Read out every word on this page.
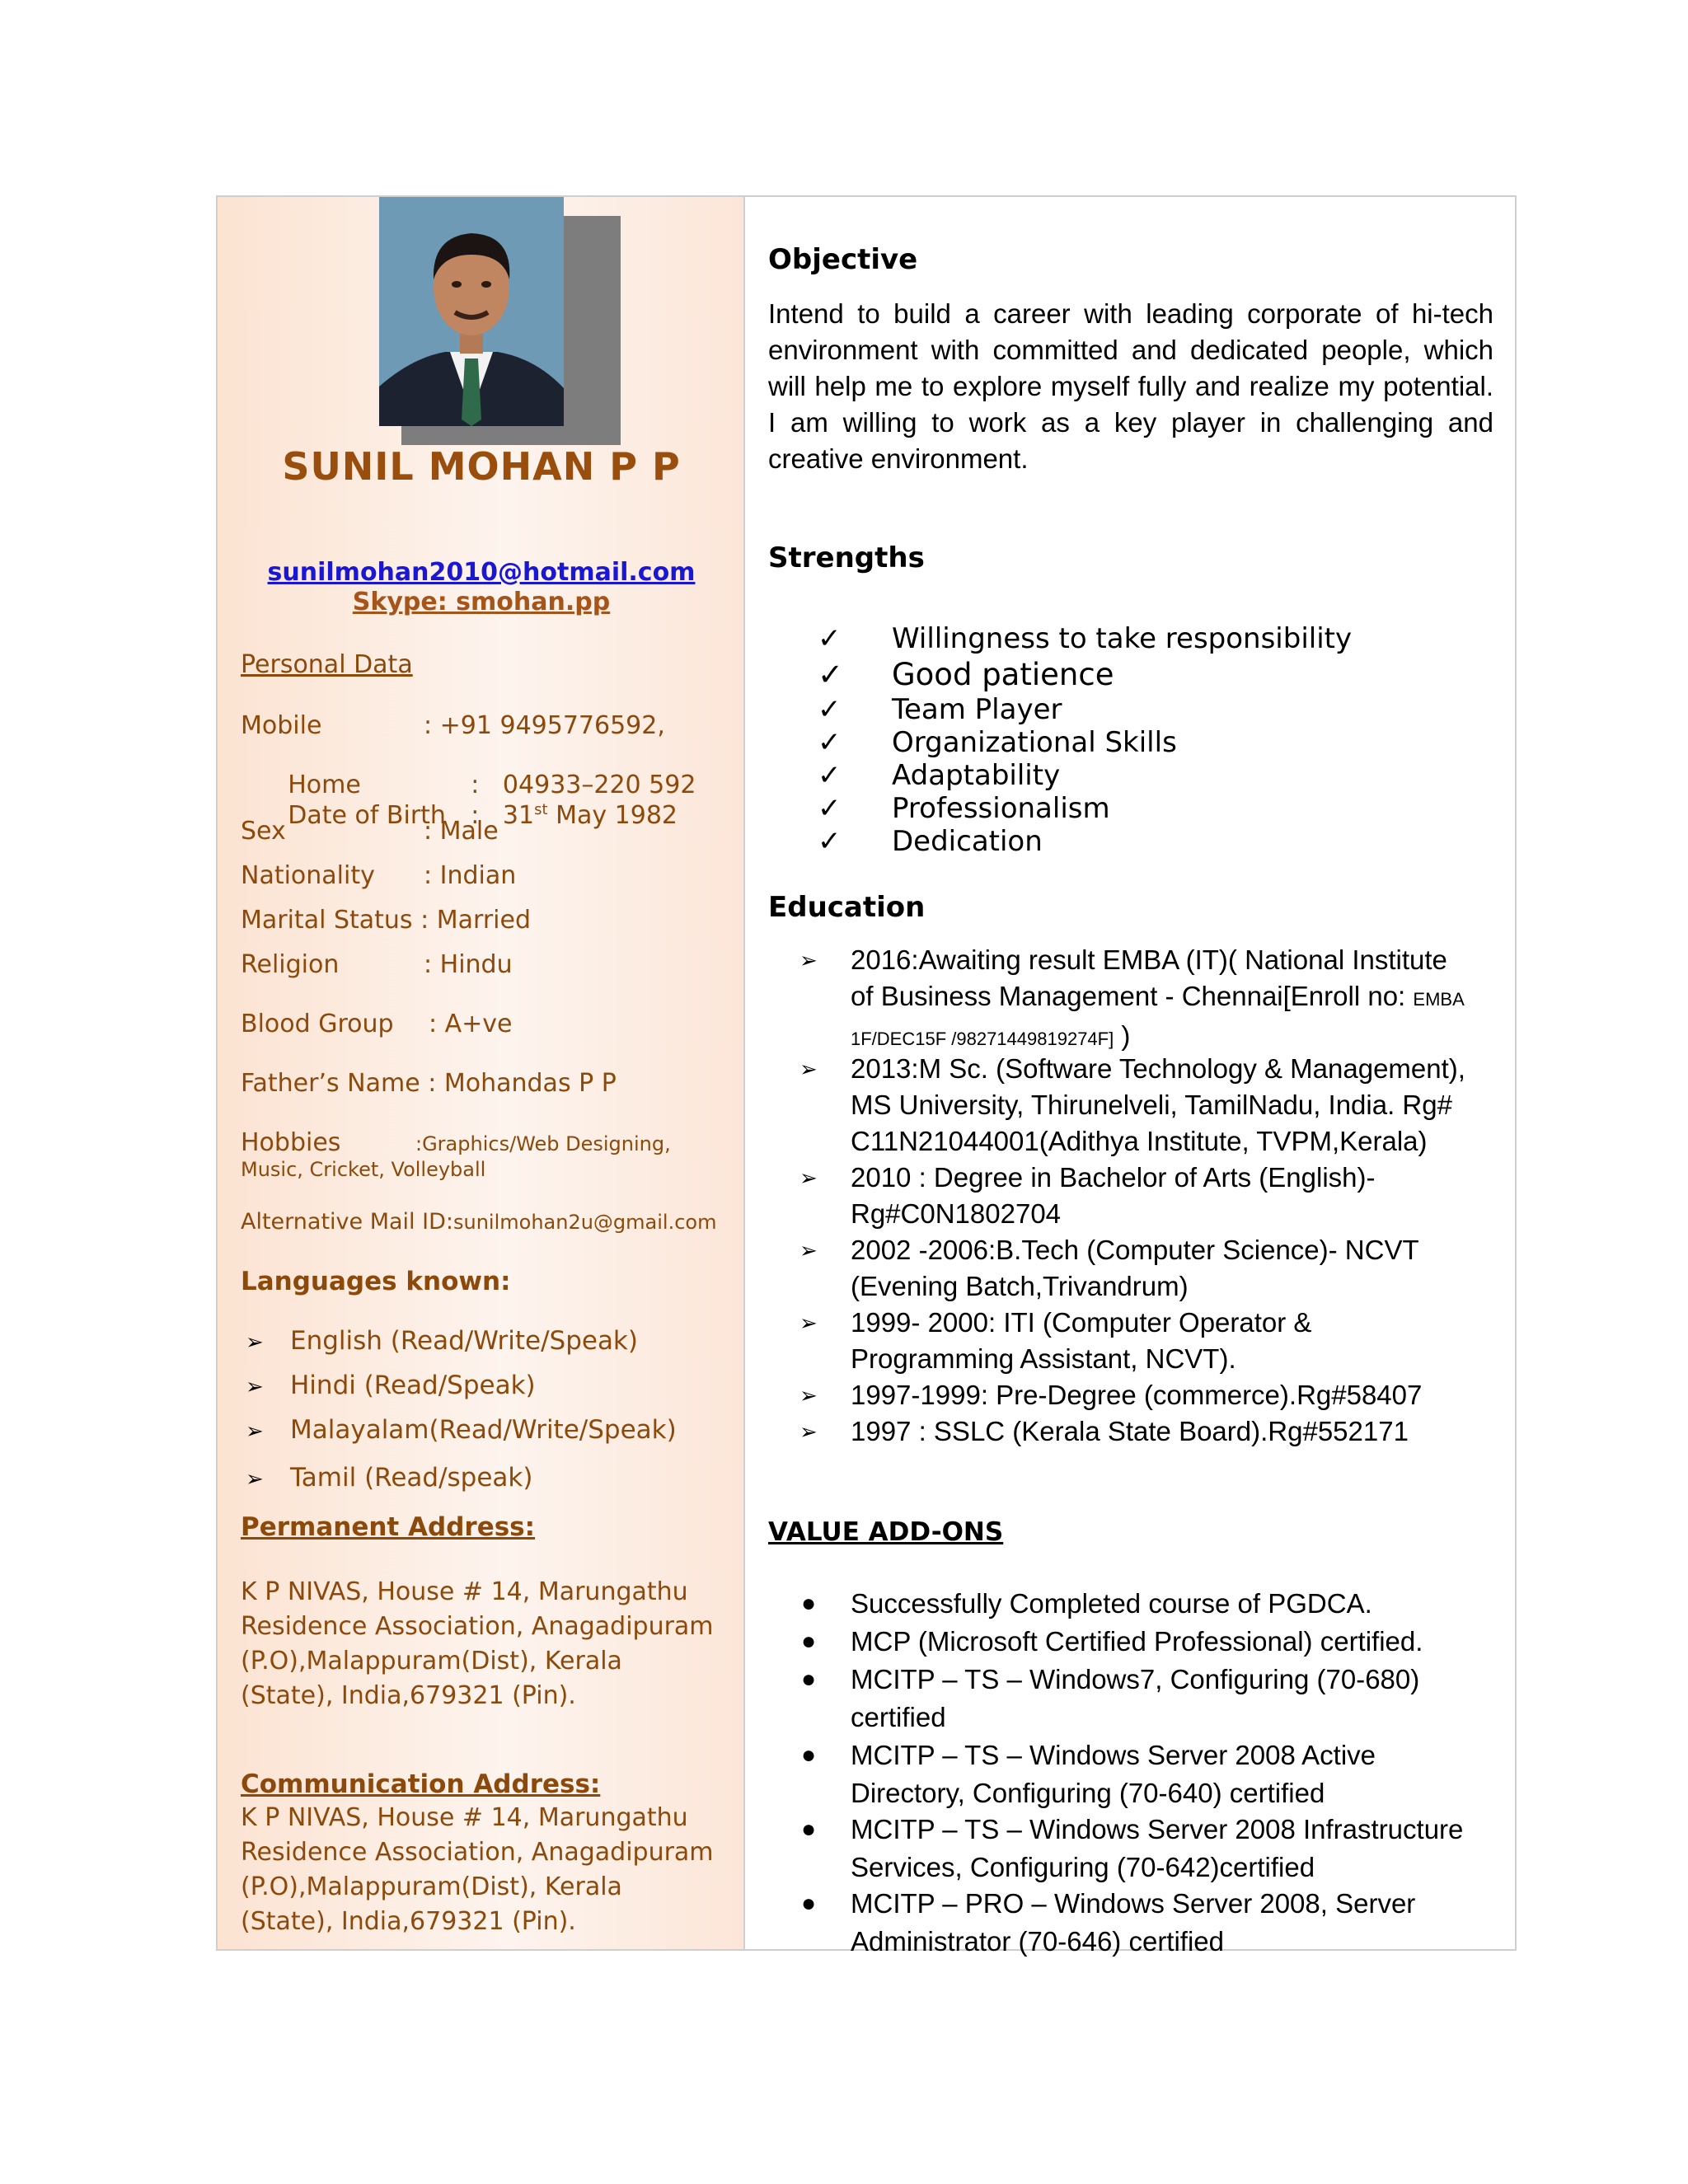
SUNIL MOHAN P P
sunilmohan2010@hotmail.com
Skype: smohan.pp
Personal Data
Mobile	: +91 9495776592,

Home	:   04933–220 592

Date of Birth :   31st May 1982

Sex	: Male
Nationality : Indian
Marital Status : Married
Religion	: Hindu
Blood Group : A+ve
Father’s Name : Mohandas P P
Hobbies	:Graphics/Web Designing,
Music, Cricket, Volleyball
Alternative Mail ID:sunilmohan2u@gmail.com
Languages known:
➢ English (Read/Write/Speak)
➢ Hindi (Read/Speak)
➢ Malayalam(Read/Write/Speak)
➢ Tamil (Read/speak)
Permanent Address:
K P NIVAS, House # 14, Marungathu
Residence Association, Anagadipuram
(P.O),Malappuram(Dist), Kerala
(State), India,679321 (Pin).
Communication Address:
K P NIVAS, House # 14, Marungathu
Residence Association, Anagadipuram
(P.O),Malappuram(Dist), Kerala
(State), India,679321 (Pin).
Objective
Intend to build a career with leading corporate of hi-tech environment with committed and dedicated people, which will help me to explore myself fully and realize my potential. I am willing to work as a key player in challenging and creative environment.
Strengths
✓ Willingness to take responsibility
✓ Good patience
✓ Team Player
✓ Organizational Skills
✓ Adaptability
✓ Professionalism
✓ Dedication
Education
➢ 2016:Awaiting result EMBA (IT)( National Institute
of Business Management - Chennai[Enroll no: EMBA
1F/DEC15F /98271449819274F] )
➢ 2013:M Sc. (Software Technology & Management), MS University, Thirunelveli, TamilNadu, India. Rg# C11N21044001(Adithya Institute, TVPM,Kerala)
➢ 2010 : Degree in Bachelor of Arts (English)-Rg#C0N1802704
➢ 2002 -2006:B.Tech (Computer Science)- NCVT (Evening Batch,Trivandrum)
➢ 1999- 2000: ITI (Computer Operator & Programming Assistant, NCVT).
➢ 1997-1999: Pre-Degree (commerce).Rg#58407
➢ 1997 : SSLC (Kerala State Board).Rg#552171
VALUE ADD-ONS
● Successfully Completed course of PGDCA.
● MCP (Microsoft Certified Professional) certified.
● MCITP – TS – Windows7, Configuring (70-680) certified
● MCITP – TS – Windows Server 2008 Active Directory, Configuring (70-640) certified
● MCITP – TS – Windows Server 2008 Infrastructure Services, Configuring (70-642)certified
● MCITP – PRO – Windows Server 2008, Server Administrator (70-646) certified
